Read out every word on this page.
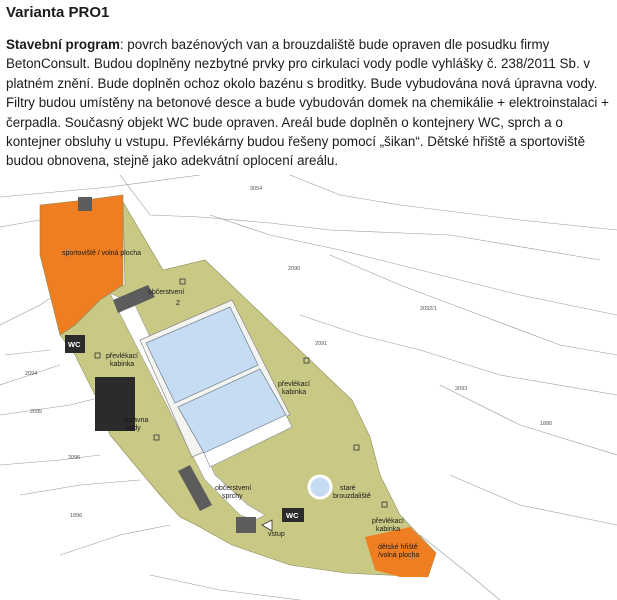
Varianta PRO1
Stavební program: povrch bazénových van a brouzdaliště bude opraven dle posudku firmy BetonConsult. Budou doplněny nezbytné prvky pro cirkulaci vody podle vyhlášky č. 238/2011 Sb. v platném znění. Bude doplněn ochoz okolo bazénu s broditky. Bude vybudována nová úpravna vody. Filtry budou umístěny na betonové desce a bude vybudován domek na chemikálie + elektroinstalaci + čerpadla. Současný objekt WC bude opraven. Areál bude doplněn o kontejnery WC, sprch a o kontejner obsluhy u vstupu. Převlékárny budou řešeny pomocí „šikan“. Dětské hřiště a sportoviště budou obnovena, stejně jako adekvátní oplocení areálu.
2090
2091
2092/1
2093
2094
2095
2096
1896
1880
3054
sportoviště / volná plocha
občerstvení
2
WC
převlékací
kabinka
úpravna
vody
převlékací
kabinka
občerstvení
sprchy
staré
brouzdaliště
WC
převlékací
kabinka
vstup
dětské hřiště
/volná plocha
